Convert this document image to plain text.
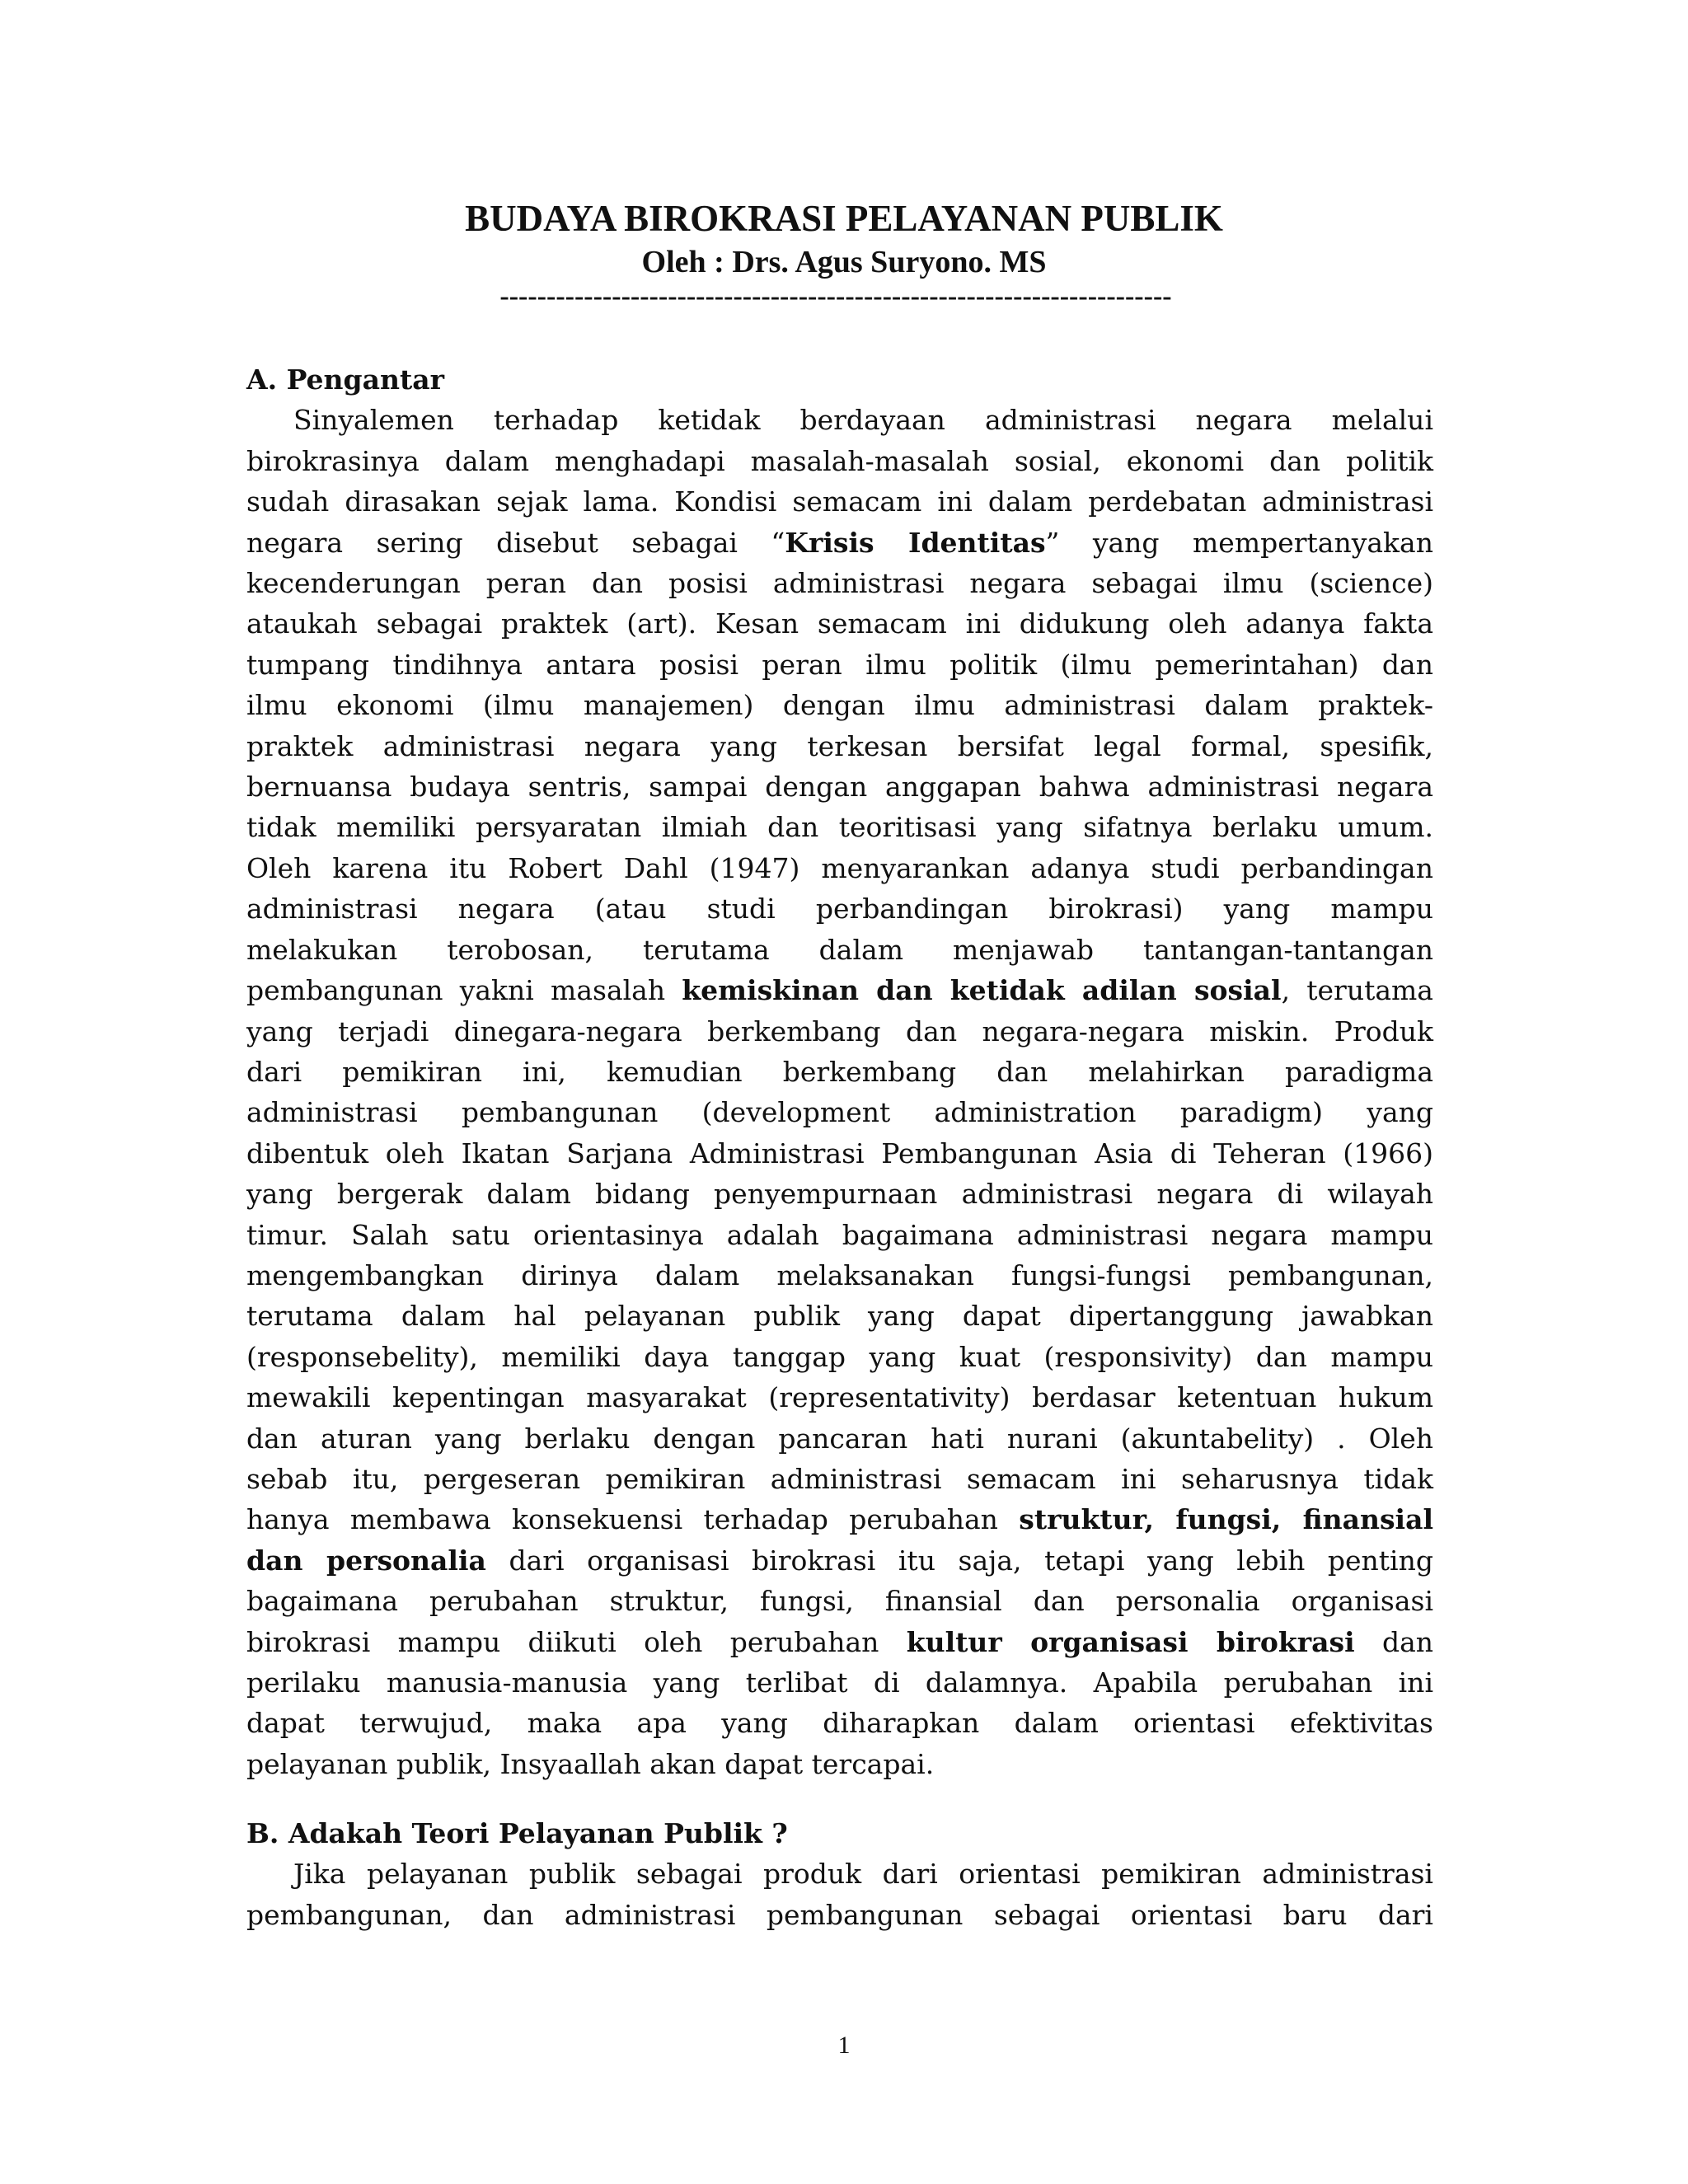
BUDAYA BIROKRASI PELAYANAN PUBLIK
Oleh : Drs. Agus Suryono. MS
------------------------------------------------------------------------
A. Pengantar
Sinyalemen terhadap ketidak berdayaan administrasi negara melalui
birokrasinya dalam menghadapi masalah-masalah sosial, ekonomi dan politik
sudah dirasakan sejak lama. Kondisi semacam ini dalam perdebatan administrasi
negara sering disebut sebagai “Krisis Identitas” yang mempertanyakan
kecenderungan peran dan posisi administrasi negara sebagai ilmu (science)
ataukah sebagai praktek (art). Kesan semacam ini didukung oleh adanya fakta
tumpang tindihnya antara posisi peran ilmu politik (ilmu pemerintahan) dan
ilmu ekonomi (ilmu manajemen) dengan ilmu administrasi dalam praktek-
praktek administrasi negara yang terkesan bersifat legal formal, spesifik,
bernuansa budaya sentris, sampai dengan anggapan bahwa administrasi negara
tidak memiliki persyaratan ilmiah dan teoritisasi yang sifatnya berlaku umum.
Oleh karena itu Robert Dahl (1947) menyarankan adanya studi perbandingan
administrasi negara (atau studi perbandingan birokrasi) yang mampu
melakukan terobosan, terutama dalam menjawab tantangan-tantangan
pembangunan yakni masalah kemiskinan dan ketidak adilan sosial, terutama
yang terjadi dinegara-negara berkembang dan negara-negara miskin. Produk
dari pemikiran ini, kemudian berkembang dan melahirkan paradigma
administrasi pembangunan (development administration paradigm) yang
dibentuk oleh Ikatan Sarjana Administrasi Pembangunan Asia di Teheran (1966)
yang bergerak dalam bidang penyempurnaan administrasi negara di wilayah
timur. Salah satu orientasinya adalah bagaimana administrasi negara mampu
mengembangkan dirinya dalam melaksanakan fungsi-fungsi pembangunan,
terutama dalam hal pelayanan publik yang dapat dipertanggung jawabkan
(responsebelity), memiliki daya tanggap yang kuat (responsivity) dan mampu
mewakili kepentingan masyarakat (representativity) berdasar ketentuan hukum
dan aturan yang berlaku dengan pancaran hati nurani (akuntabelity) . Oleh
sebab itu, pergeseran pemikiran administrasi semacam ini seharusnya tidak
hanya membawa konsekuensi terhadap perubahan struktur, fungsi, finansial
dan personalia dari organisasi birokrasi itu saja, tetapi yang lebih penting
bagaimana perubahan struktur, fungsi, finansial dan personalia organisasi
birokrasi mampu diikuti oleh perubahan kultur organisasi birokrasi dan
perilaku manusia-manusia yang terlibat di dalamnya. Apabila perubahan ini
dapat terwujud, maka apa yang diharapkan dalam orientasi efektivitas
pelayanan publik, Insyaallah akan dapat tercapai.
B. Adakah Teori Pelayanan Publik ?
Jika pelayanan publik sebagai produk dari orientasi pemikiran administrasi
pembangunan, dan administrasi pembangunan sebagai orientasi baru dari
1
